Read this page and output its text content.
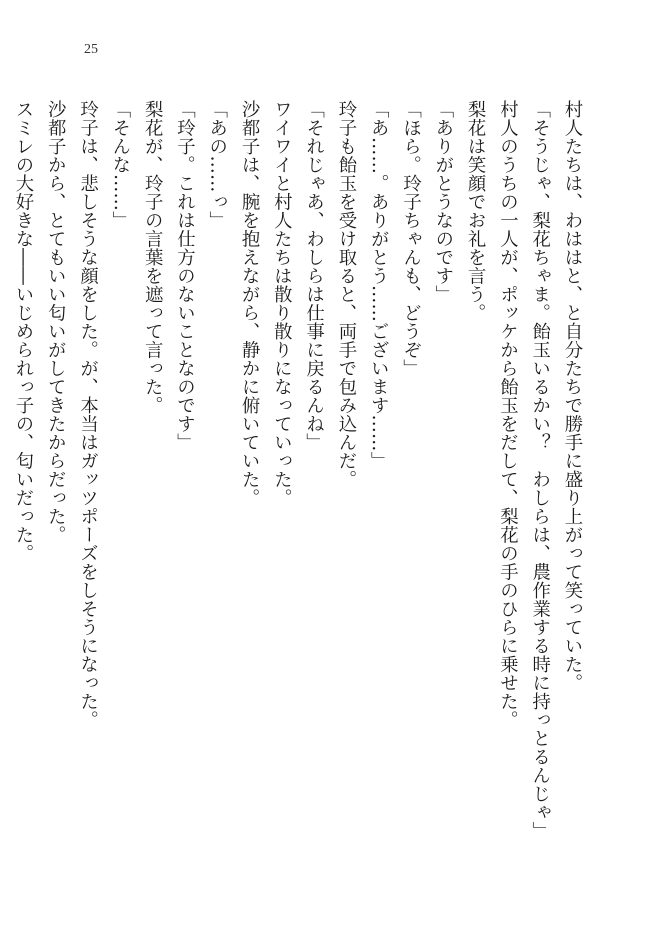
25
村人たちは、わははと、と自分たちで勝手に盛り上がって笑っていた。
「そうじゃ、梨花ちゃま。飴玉いるかい？　わしらは、農作業する時に持っとるんじゃ」
村人のうちの一人が、ポッケから飴玉をだして、梨花の手のひらに乗せた。
梨花は笑顔でお礼を言う。
「ありがとうなのです」
「ほら。玲子ちゃんも、どうぞ」
「あ……。ありがとう……ございます……」
玲子も飴玉を受け取ると、両手で包み込んだ。
「それじゃあ、わしらは仕事に戻るんね」
ワイワイと村人たちは散り散りになっていった。
沙都子は、腕を抱えながら、静かに俯いていた。
「あの……っ」
「玲子。これは仕方のないことなのです」
梨花が、玲子の言葉を遮って言った。
「そんな……」
玲子は、悲しそうな顔をした。が、本当はガッツポーズをしそうになった。
沙都子から、とてもいい匂いがしてきたからだった。
スミレの大好きな――いじめられっ子の、匂いだった。
